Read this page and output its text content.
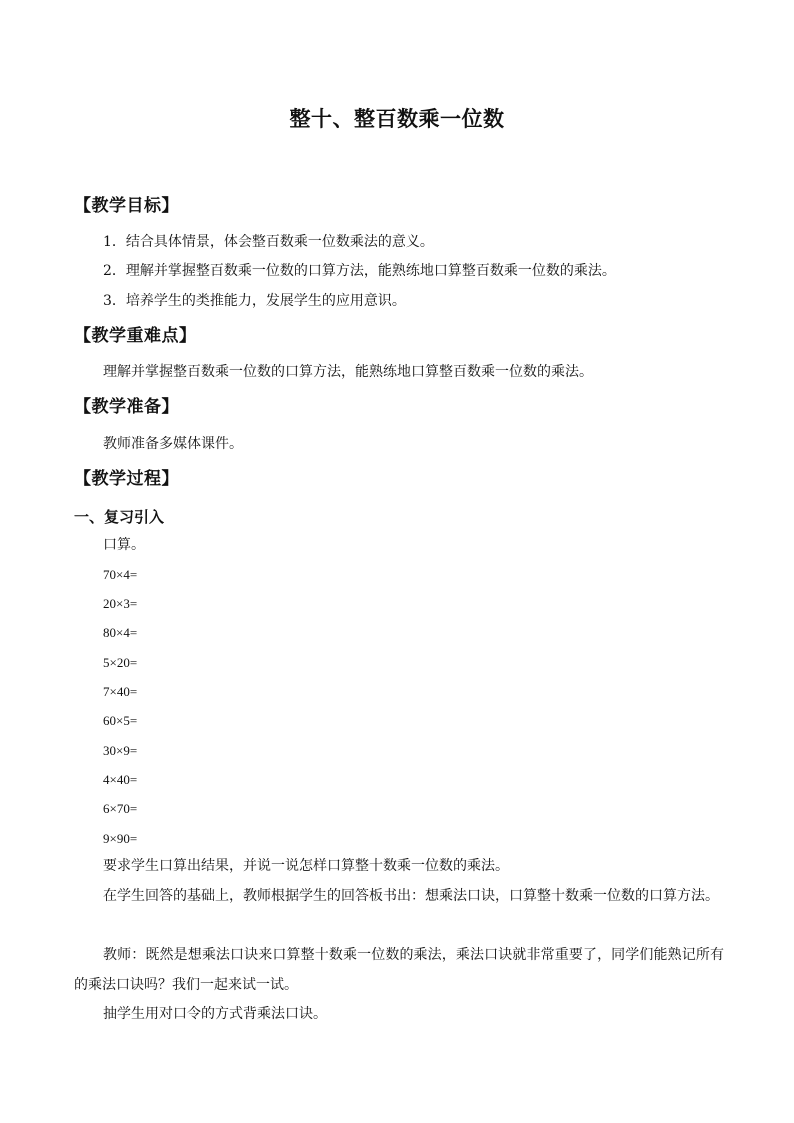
整十、整百数乘一位数
【教学目标】
1．结合具体情景，体会整百数乘一位数乘法的意义。
2．理解并掌握整百数乘一位数的口算方法，能熟练地口算整百数乘一位数的乘法。
3．培养学生的类推能力，发展学生的应用意识。
【教学重难点】
理解并掌握整百数乘一位数的口算方法，能熟练地口算整百数乘一位数的乘法。
【教学准备】
教师准备多媒体课件。
【教学过程】
一、复习引入
口算。
70×4=
20×3=
80×4=
5×20=
7×40=
60×5=
30×9=
4×40=
6×70=
9×90=
要求学生口算出结果，并说一说怎样口算整十数乘一位数的乘法。
在学生回答的基础上，教师根据学生的回答板书出：想乘法口诀，口算整十数乘一位数的口算方法。
教师：既然是想乘法口诀来口算整十数乘一位数的乘法，乘法口诀就非常重要了，同学们能熟记所有的乘法口诀吗？我们一起来试一试。
抽学生用对口令的方式背乘法口诀。
